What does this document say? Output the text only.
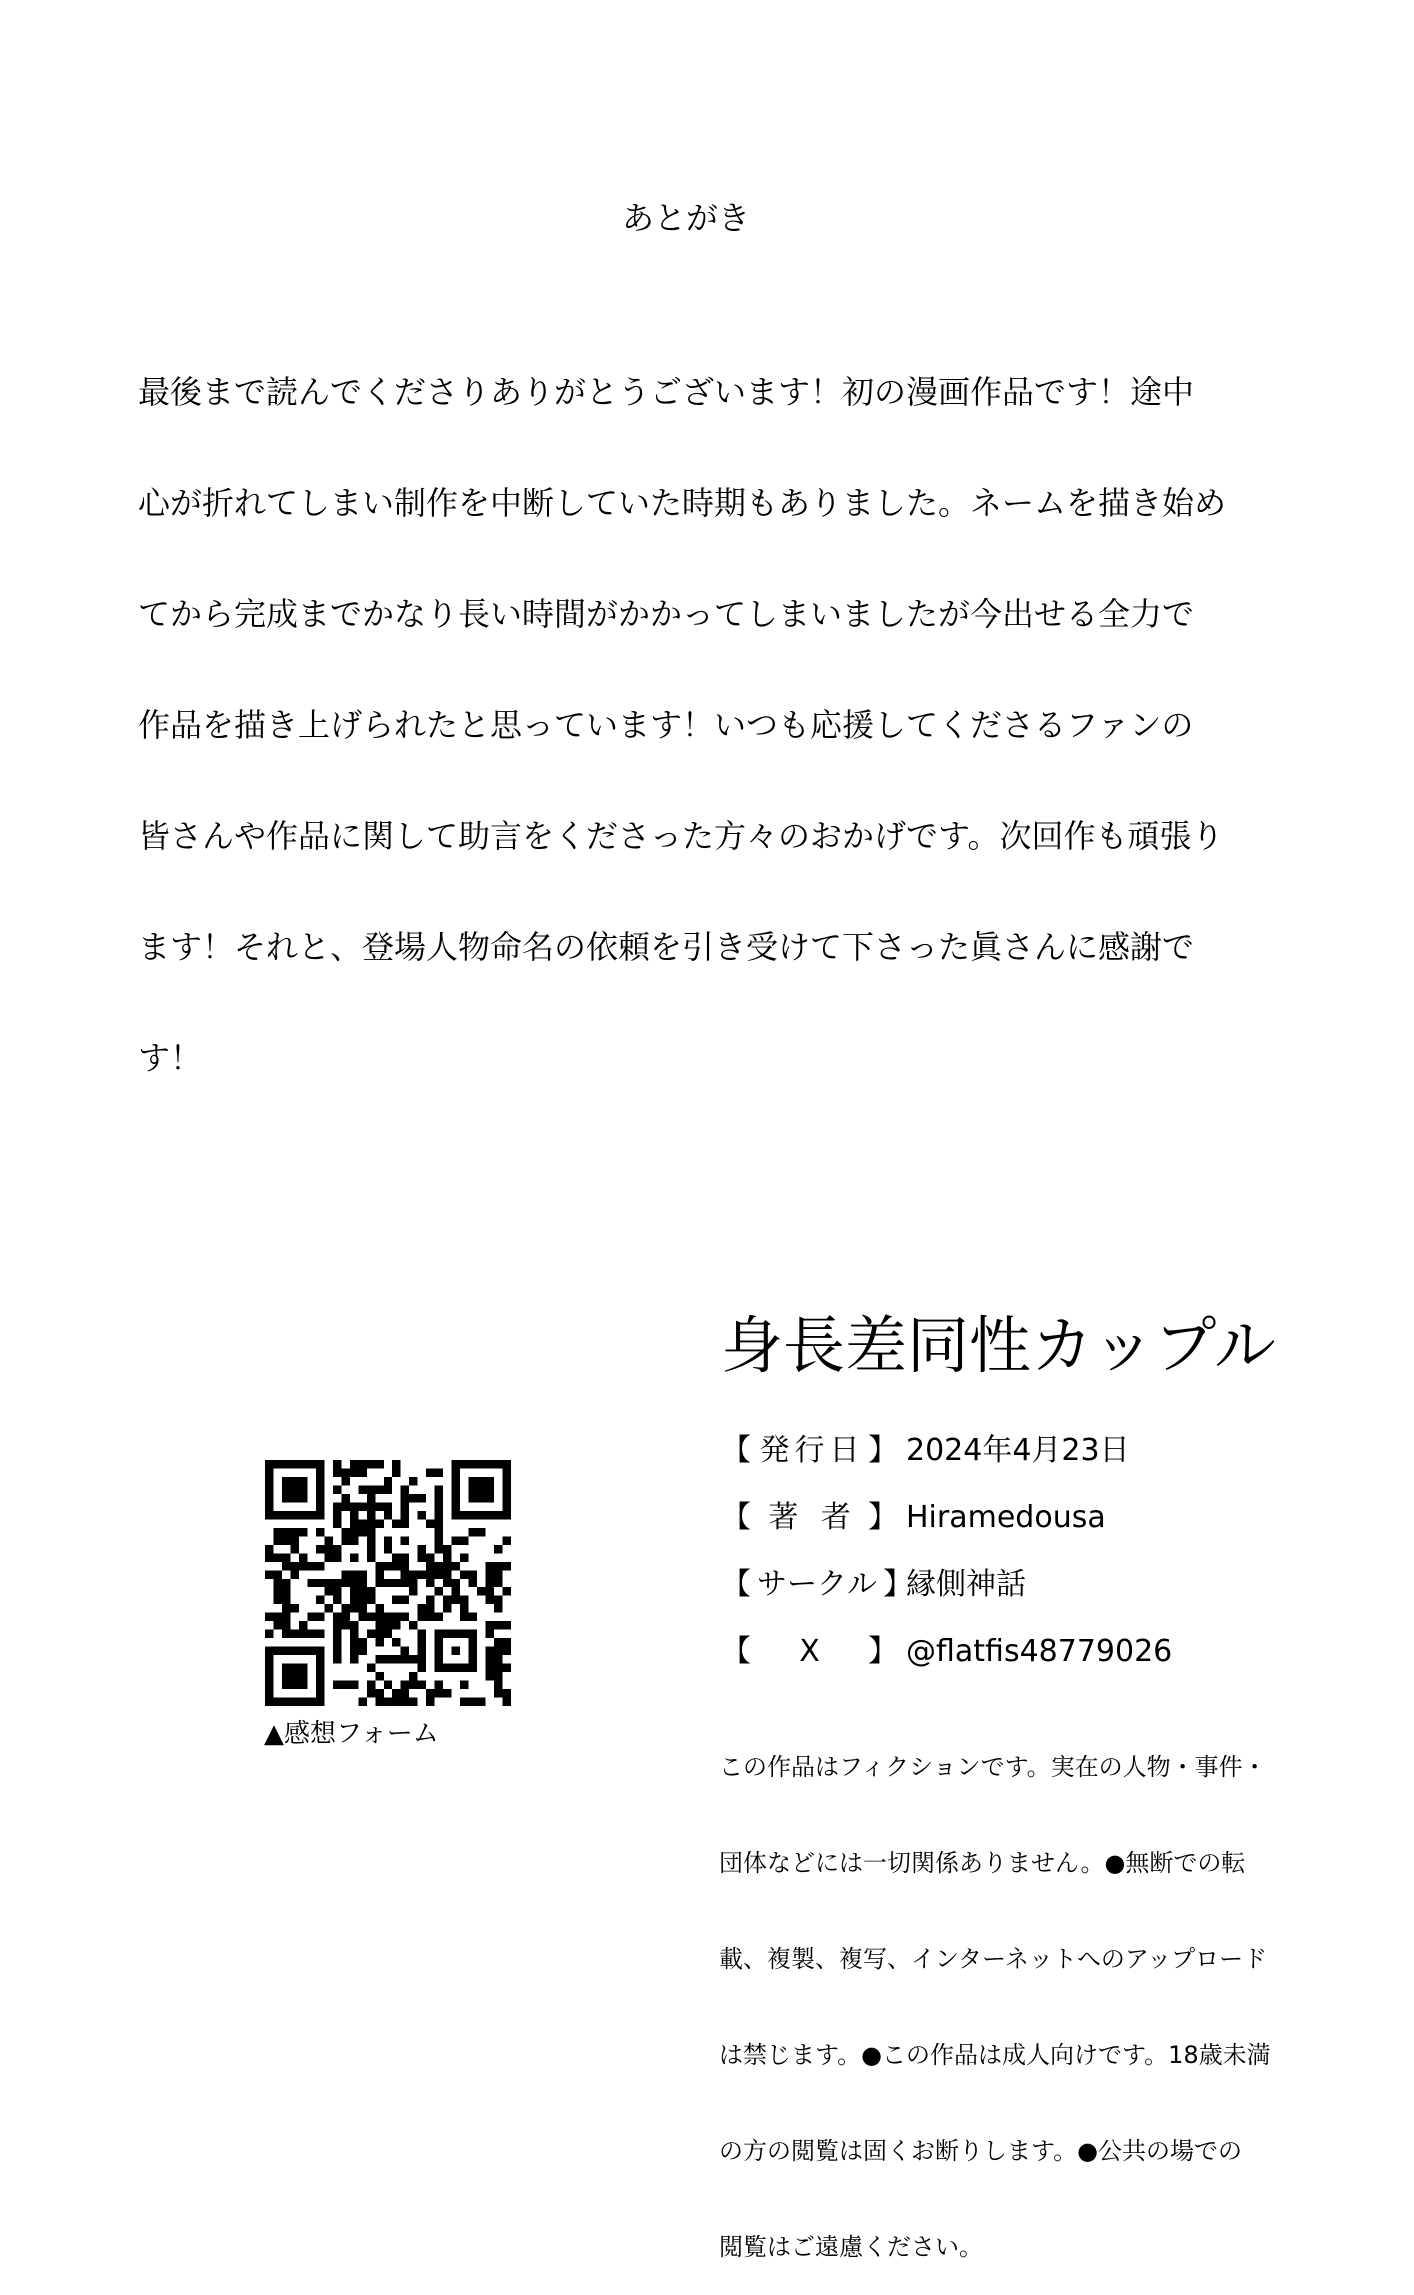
あとがき

最後まで読んでくださりありがとうございます！初の漫画作品です！途中

心が折れてしまい制作を中断していた時期もありました。ネームを描き始め

てから完成までかなり長い時間がかかってしまいましたが今出せる全力で

作品を描き上げられたと思っています！いつも応援してくださるファンの

皆さんや作品に関して助言をくださった方々のおかげです。次回作も頑張り

ます！それと、登場人物命名の依頼を引き受けて下さった眞さんに感謝で

す！

身長差同性カップル
【 発 行 日 】 2024年4月23日
【 著 者 】 Hiramedousa
【 サ ー ク ル 】
縁側神話
【 X 】 @flatfis48779026

この作品はフィクションです。実在の人物・事件・

団体などには一切関係ありません。●無断での転

載、複製、複写、インターネットへのアップロード

は禁じます。●この作品は成人向けです。18歳未満

の方の閲覧は固くお断りします。●公共の場での

閲覧はご遠慮ください。

▲感想フォーム
